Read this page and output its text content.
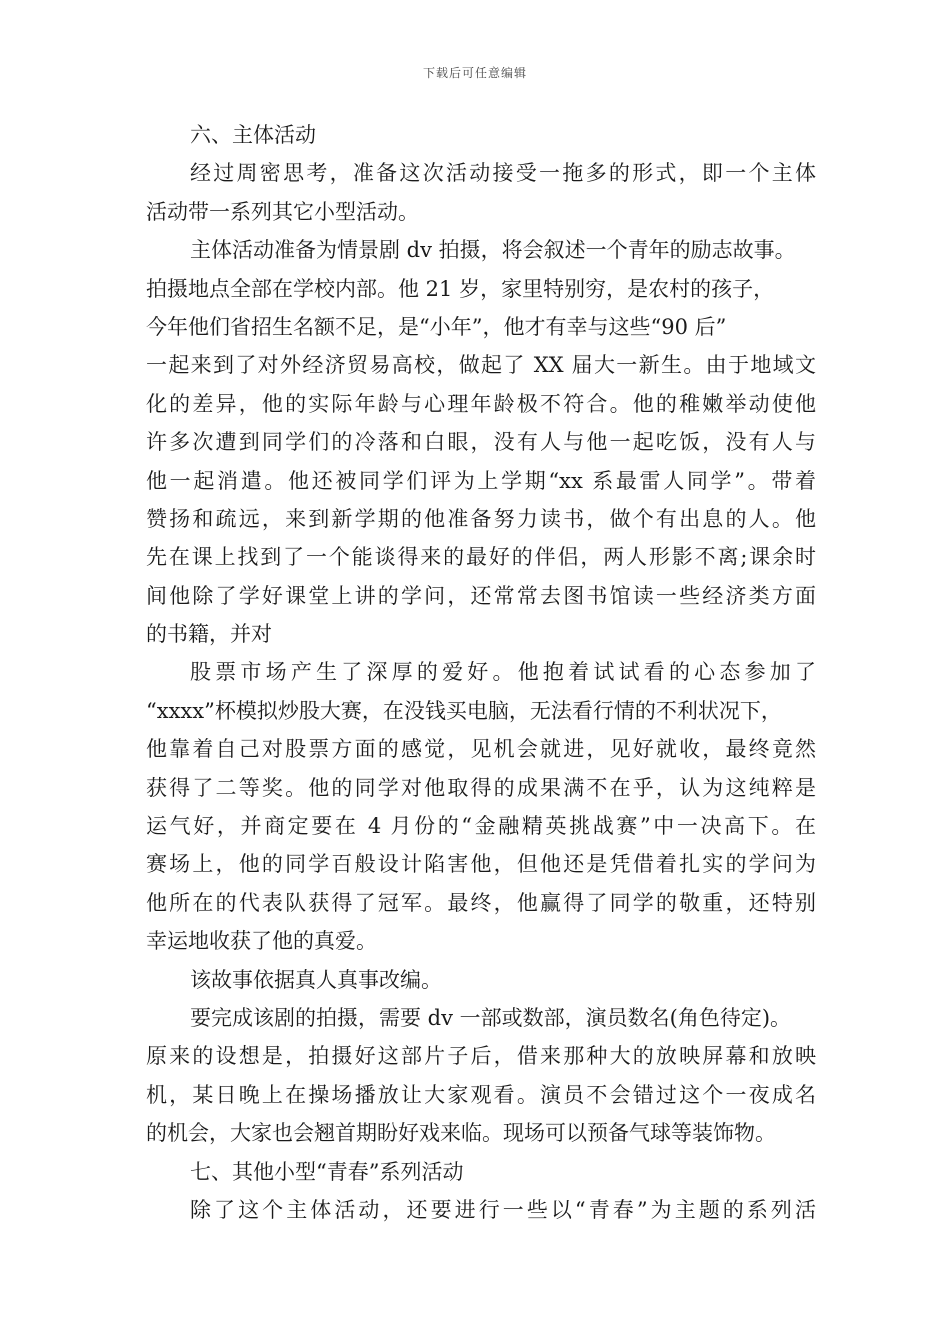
下载后可任意编辑
六、主体活动
经过周密思考，准备这次活动接受一拖多的形式，即一个主体
活动带一系列其它小型活动。
主体活动准备为情景剧 dv 拍摄，将会叙述一个青年的励志故事。
拍摄地点全部在学校内部。他 21 岁，家里特别穷，是农村的孩子，
今年他们省招生名额不足，是“小年”，他才有幸与这些“90 后”
一起来到了对外经济贸易高校，做起了 XX 届大一新生。由于地域文
化的差异，他的实际年龄与心理年龄极不符合。他的稚嫩举动使他
许多次遭到同学们的冷落和白眼，没有人与他一起吃饭，没有人与
他一起消遣。他还被同学们评为上学期“xx 系最雷人同学”。带着
赞扬和疏远，来到新学期的他准备努力读书，做个有出息的人。他
先在课上找到了一个能谈得来的最好的伴侣，两人形影不离;课余时
间他除了学好课堂上讲的学问，还常常去图书馆读一些经济类方面
的书籍，并对
股票市场产生了深厚的爱好。他抱着试试看的心态参加了
“xxxx”杯模拟炒股大赛，在没钱买电脑，无法看行情的不利状况下，
他靠着自己对股票方面的感觉，见机会就进，见好就收，最终竟然
获得了二等奖。他的同学对他取得的成果满不在乎，认为这纯粹是
运气好，并商定要在 4 月份的“金融精英挑战赛”中一决高下。在
赛场上，他的同学百般设计陷害他，但他还是凭借着扎实的学问为
他所在的代表队获得了冠军。最终，他赢得了同学的敬重，还特别
幸运地收获了他的真爱。
该故事依据真人真事改编。
要完成该剧的拍摄，需要 dv 一部或数部，演员数名(角色待定)。
原来的设想是，拍摄好这部片子后，借来那种大的放映屏幕和放映
机，某日晚上在操场播放让大家观看。演员不会错过这个一夜成名
的机会，大家也会翘首期盼好戏来临。现场可以预备气球等装饰物。
七、其他小型“青春”系列活动
除了这个主体活动，还要进行一些以“青春”为主题的系列活
